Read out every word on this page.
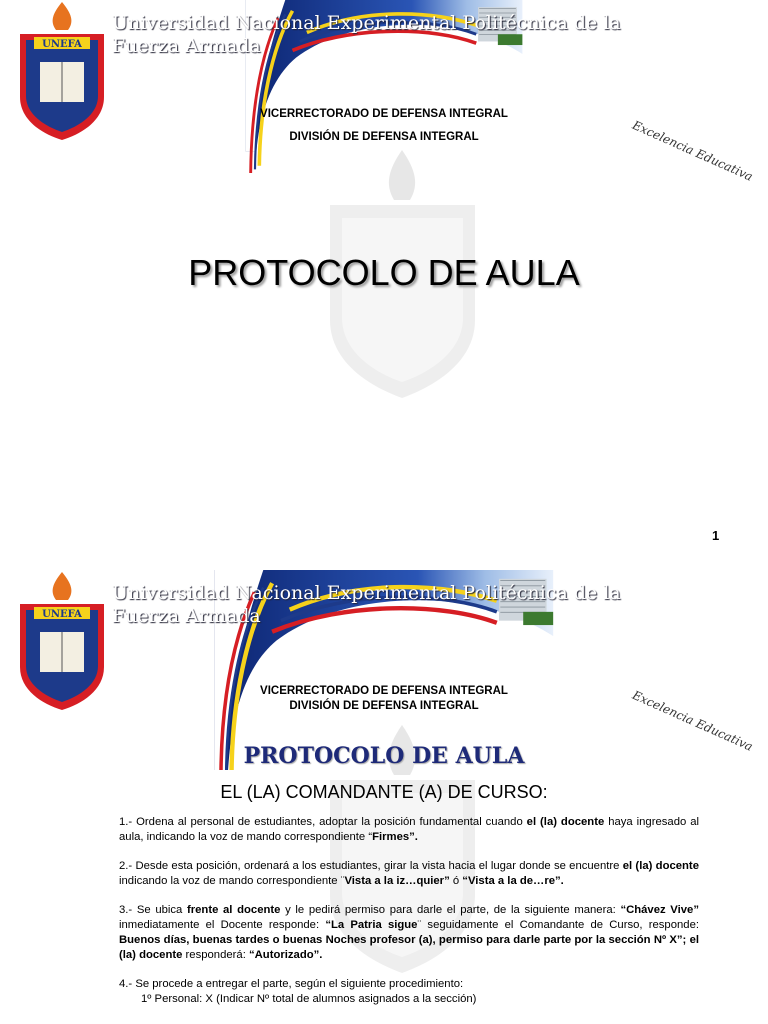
UNEFA
Universidad Nacional Experimental Politécnica de la
Fuerza Armada
Excelencia Educativa
VICERRECTORADO DE DEFENSA INTEGRAL
DIVISIÓN DE DEFENSA INTEGRAL
PROTOCOLO DE AULA
1
UNEFA
Universidad Nacional Experimental Politécnica de la
Fuerza Armada
Excelencia Educativa
VICERRECTORADO DE DEFENSA INTEGRAL
DIVISIÓN DE DEFENSA INTEGRAL
PROTOCOLO DE AULA
EL (LA) COMANDANTE (A) DE CURSO:

1.- Ordena al personal de estudiantes, adoptar la posición fundamental cuando el (la) docente haya ingresado al aula, indicando la voz de mando correspondiente “Firmes”.

2.- Desde esta posición, ordenará a los estudiantes, girar la vista hacia el lugar donde se encuentre el (la) docente indicando la voz de mando correspondiente ¨Vista a la iz…quier” ó “Vista a la de…re”.

3.- Se ubica frente al docente y le pedirá permiso para darle el parte, de la siguiente manera: “Chávez Vive” inmediatamente el Docente responde: “La Patria sigue¨ seguidamente el Comandante de Curso, responde: Buenos días, buenas tardes o buenas Noches profesor (a), permiso para darle parte por la sección Nº X”; el (la) docente responderá: “Autorizado”.

4.- Se procede a entregar el parte, según el siguiente procedimiento:

1º Personal: X (Indicar Nº total de alumnos asignados a la sección)
